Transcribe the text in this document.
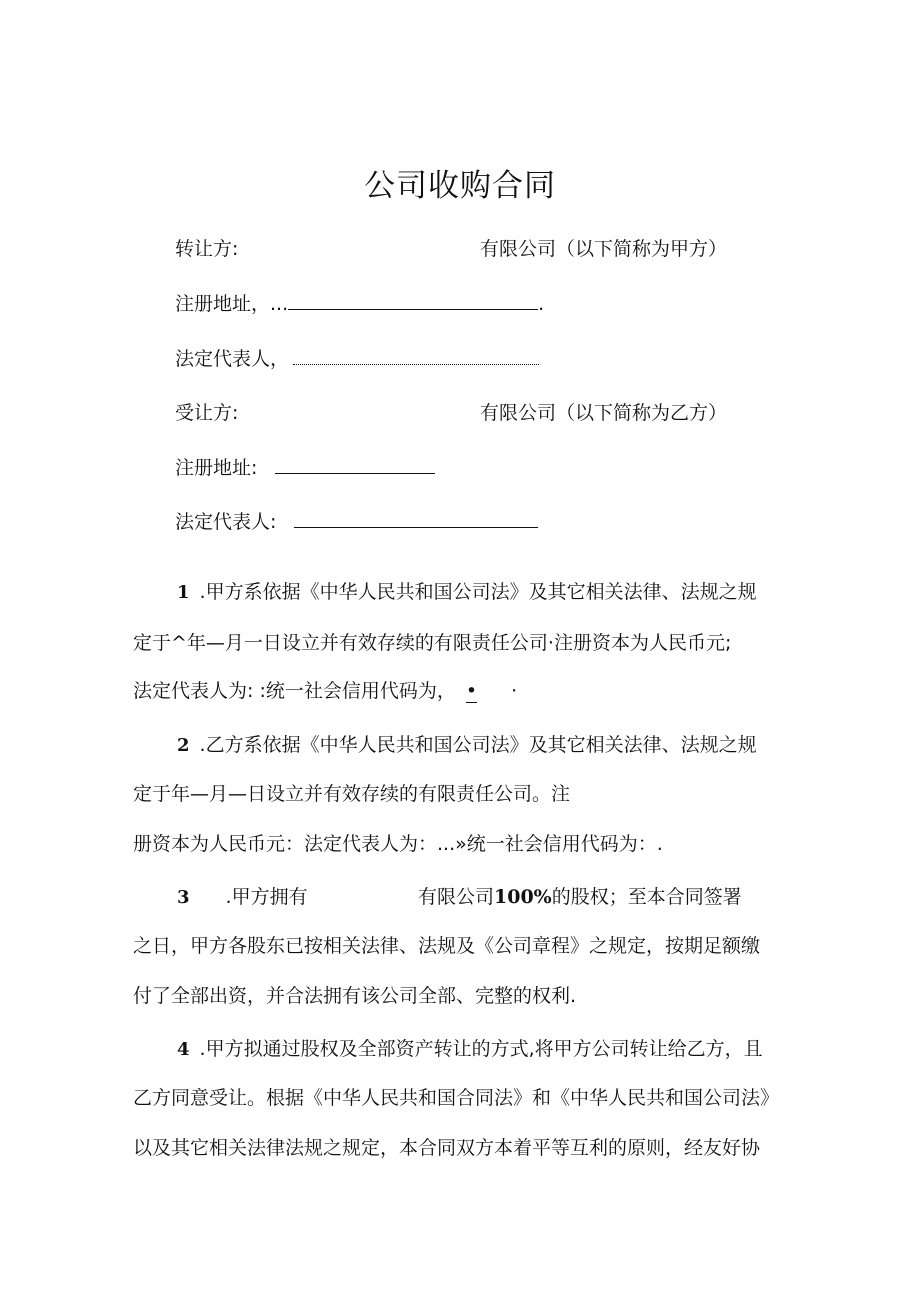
公司收购合同
转让方:	有限公司（以下简称为甲方）
注册地址，...	.
法定代表人，
受让方:	有限公司（以下简称为乙方）
注册地址:
法定代表人:
1 .甲方系依据《中华人民共和国公司法》及其它相关法律、法规之规
定于^年—月一日设立并有效存续的有限责任公司·注册资本为人民币元;
法定代表人为: :统一社会信用代码为， • ·
2 .乙方系依据《中华人民共和国公司法》及其它相关法律、法规之规
定于年—月—日设立并有效存续的有限责任公司。注
册资本为人民币元：法定代表人为：...»统一社会信用代码为：.
3 .甲方拥有	有限公司100%的股权；至本合同签署
之日，甲方各股东已按相关法律、法规及《公司章程》之规定，按期足额缴
付了全部出资，并合法拥有该公司全部、完整的权利.
4 .甲方拟通过股权及全部资产转让的方式,将甲方公司转让给乙方，且
乙方同意受让。根据《中华人民共和国合同法》和《中华人民共和国公司法》
以及其它相关法律法规之规定，本合同双方本着平等互利的原则，经友好协
